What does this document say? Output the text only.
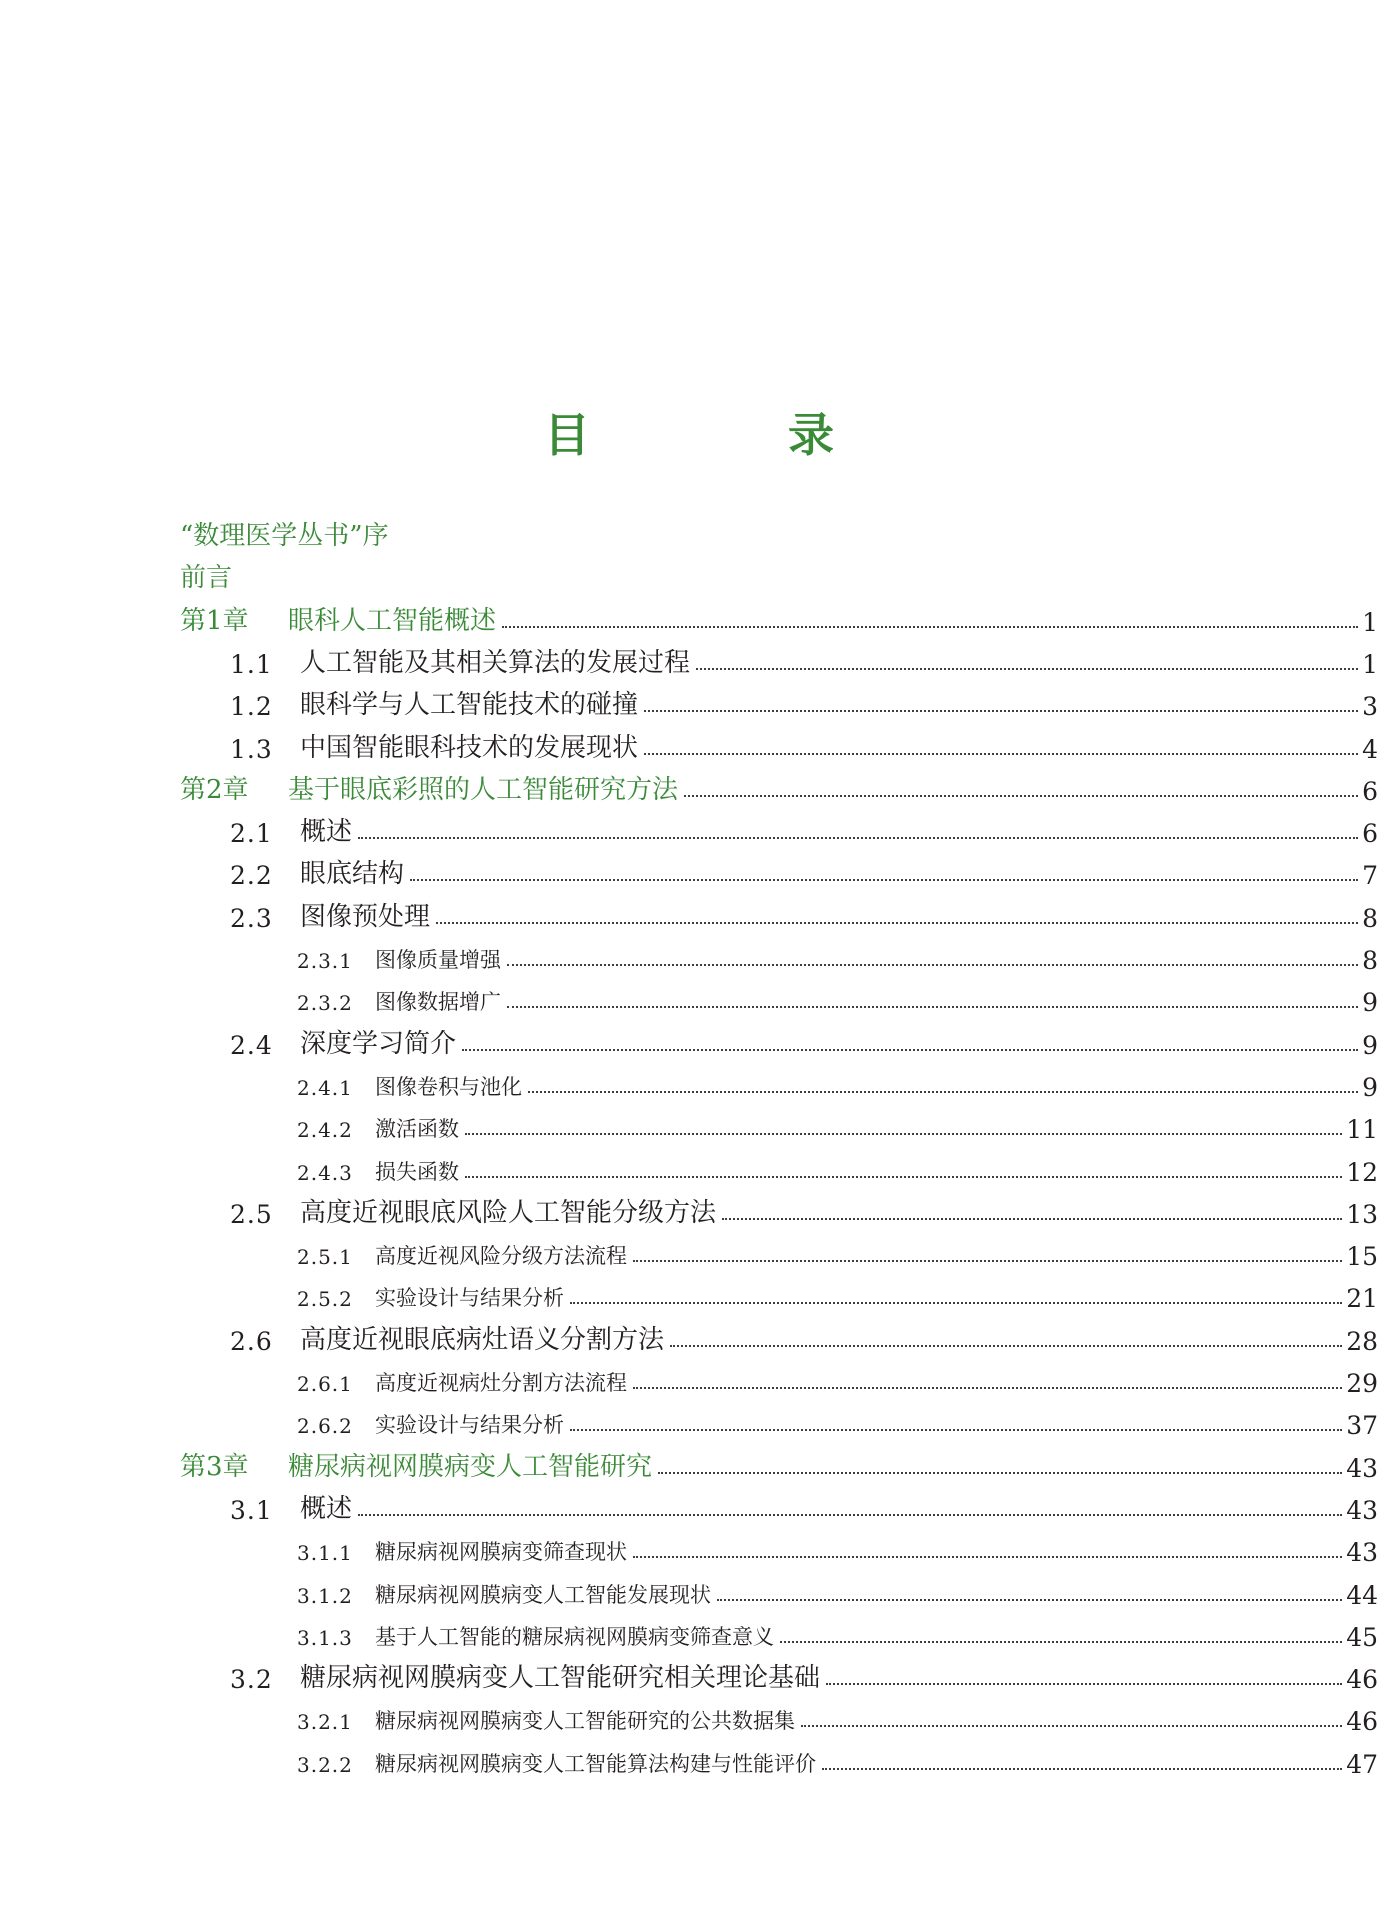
目　录
“数理医学丛书”序
前言
第1章	眼科人工智能概述	1
1.1	人工智能及其相关算法的发展过程	1
1.2	眼科学与人工智能技术的碰撞	3
1.3	中国智能眼科技术的发展现状	4
第2章	基于眼底彩照的人工智能研究方法	6
2.1	概述	6
2.2	眼底结构	7
2.3	图像预处理	8
2.3.1	图像质量增强	8
2.3.2	图像数据增广	9
2.4	深度学习简介	9
2.4.1	图像卷积与池化	9
2.4.2	激活函数	11
2.4.3	损失函数	12
2.5	高度近视眼底风险人工智能分级方法	13
2.5.1	高度近视风险分级方法流程	15
2.5.2	实验设计与结果分析	21
2.6	高度近视眼底病灶语义分割方法	28
2.6.1	高度近视病灶分割方法流程	29
2.6.2	实验设计与结果分析	37
第3章	糖尿病视网膜病变人工智能研究	43
3.1	概述	43
3.1.1	糖尿病视网膜病变筛查现状	43
3.1.2	糖尿病视网膜病变人工智能发展现状	44
3.1.3	基于人工智能的糖尿病视网膜病变筛查意义	45
3.2	糖尿病视网膜病变人工智能研究相关理论基础	46
3.2.1	糖尿病视网膜病变人工智能研究的公共数据集	46
3.2.2	糖尿病视网膜病变人工智能算法构建与性能评价	47
